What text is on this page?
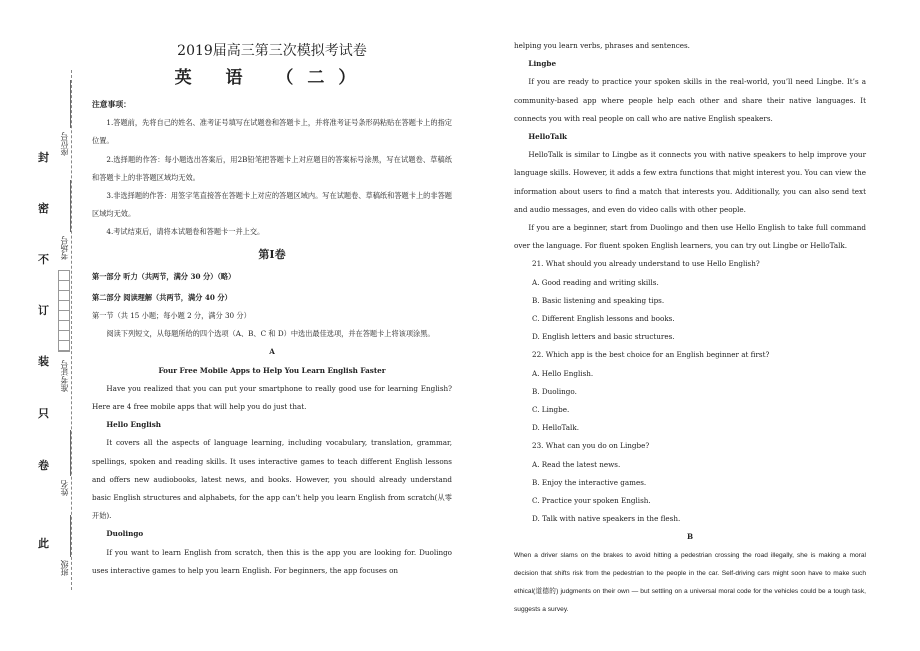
封
密
不
订
装
只
卷
此
座位号
考场号
准考证号
姓名
班级
2019届高三第三次模拟考试卷
英 语 （二）

注意事项：

1.答题前，先将自己的姓名、准考证号填写在试题卷和答题卡上，并将准考证号条形码粘贴在答题卡上的指定位置。

2.选择题的作答：每小题选出答案后，用2B铅笔把答题卡上对应题目的答案标号涂黑，写在试题卷、草稿纸和答题卡上的非答题区域均无效。

3.非选择题的作答：用签字笔直接答在答题卡上对应的答题区域内。写在试题卷、草稿纸和答题卡上的非答题区域均无效。

4.考试结束后，请将本试题卷和答题卡一并上交。

第Ⅰ卷

第一部分 听力（共两节，满分 30 分）（略）

第二部分 阅读理解（共两节，满分 40 分）

第一节（共 15 小题；每小题 2 分，满分 30 分）

阅读下列短文，从每题所给的四个选项（A、B、C 和 D）中选出最佳选项，并在答题卡上将该项涂黑。

A

Four Free Mobile Apps to Help You Learn English Faster

Have you realized that you can put your smartphone to really good use for learning English? Here are 4 free mobile apps that will help you do just that.

Hello English

It covers all the aspects of language learning, including vocabulary, translation, grammar, spellings, spoken and reading skills. It uses interactive games to teach different English lessons and offers new audiobooks, latest news, and books. However, you should already understand basic English structures and alphabets, for the app can’t help you learn English from scratch(从零开始).

Duolingo

If you want to learn English from scratch, then this is the app you are looking for. Duolingo uses interactive games to help you learn English. For beginners, the app focuses on

helping you learn verbs, phrases and sentences.

Lingbe

If you are ready to practice your spoken skills in the real-world, you’ll need Lingbe. It’s a community-based app where people help each other and share their native languages. It connects you with real people on call who are native English speakers.

HelloTalk

HelloTalk is similar to Lingbe as it connects you with native speakers to help improve your language skills. However, it adds a few extra functions that might interest you. You can view the information about users to find a match that interests you. Additionally, you can also send text and audio messages, and even do video calls with other people.

If you are a beginner, start from Duolingo and then use Hello English to take full command over the language. For fluent spoken English learners, you can try out Lingbe or HelloTalk.

21. What should you already understand to use Hello English?

A. Good reading and writing skills.

B. Basic listening and speaking tips.

C. Different English lessons and books.

D. English letters and basic structures.

22. Which app is the best choice for an English beginner at first?

A. Hello English.

B. Duolingo.

C. Lingbe.

D. HelloTalk.

23. What can you do on Lingbe?

A. Read the latest news.

B. Enjoy the interactive games.

C. Practice your spoken English.

D. Talk with native speakers in the flesh.

B

When a driver slams on the brakes to avoid hitting a pedestrian crossing the road illegally, she is making a moral decision that shifts risk from the pedestrian to the people in the car. Self-driving cars might soon have to make such ethical(道德的) judgments on their own — but settling on a universal moral code for the vehicles could be a tough task, suggests a survey.
